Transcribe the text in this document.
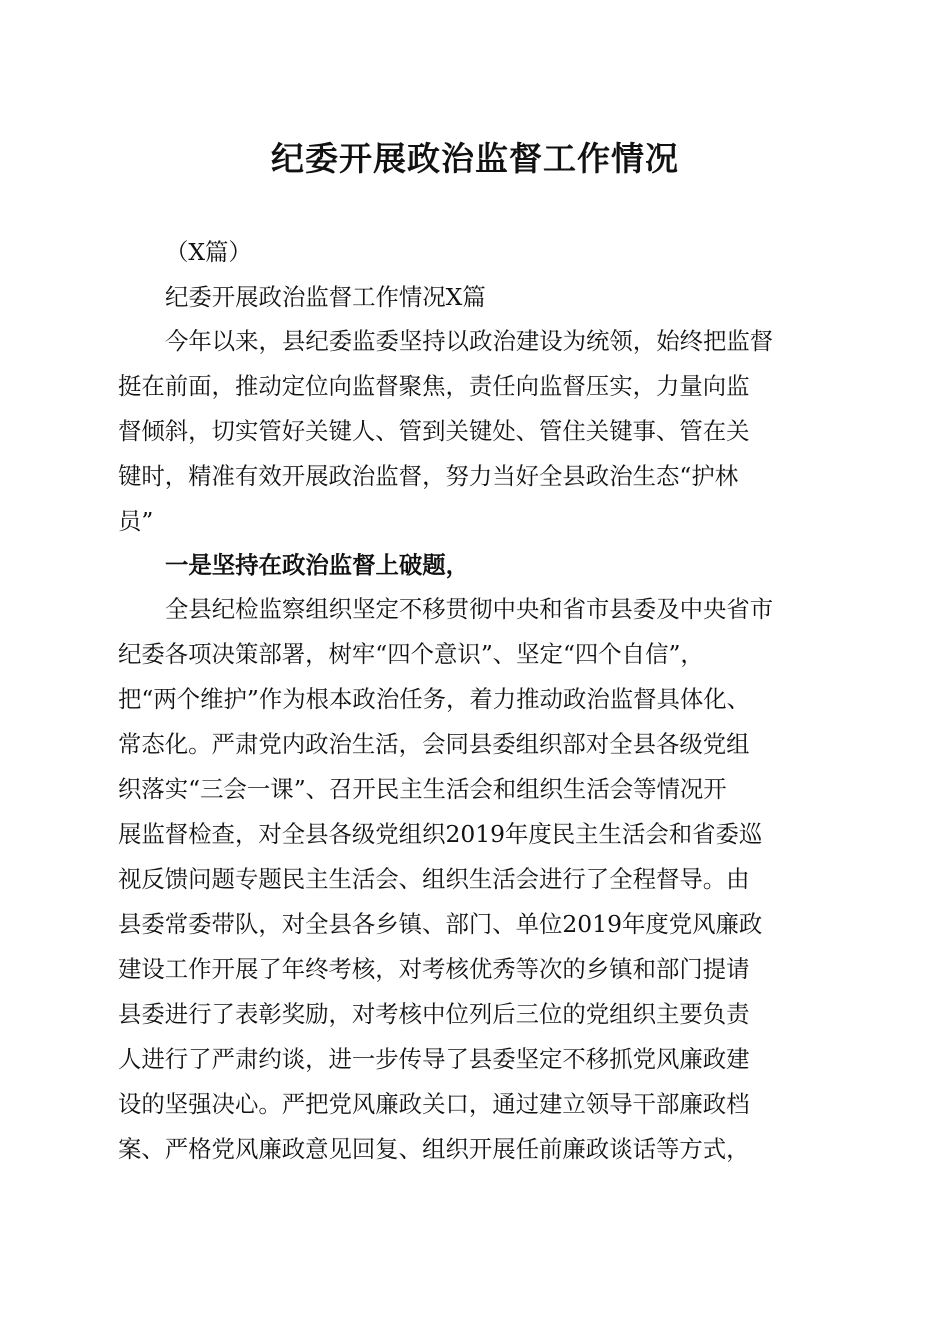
纪委开展政治监督工作情况

（X篇）

纪委开展政治监督工作情况X篇

今年以来，县纪委监委坚持以政治建设为统领，始终把监督

挺在前面，推动定位向监督聚焦，责任向监督压实，力量向监

督倾斜，切实管好关键人、管到关键处、管住关键事、管在关

键时，精准有效开展政治监督，努力当好全县政治生态“护林

员”

一是坚持在政治监督上破题，

全县纪检监察组织坚定不移贯彻中央和省市县委及中央省市

纪委各项决策部署，树牢“四个意识”、坚定“四个自信”，

把“两个维护”作为根本政治任务，着力推动政治监督具体化、

常态化。严肃党内政治生活，会同县委组织部对全县各级党组

织落实“三会一课”、召开民主生活会和组织生活会等情况开

展监督检查，对全县各级党组织2019年度民主生活会和省委巡

视反馈问题专题民主生活会、组织生活会进行了全程督导。由

县委常委带队，对全县各乡镇、部门、单位2019年度党风廉政

建设工作开展了年终考核，对考核优秀等次的乡镇和部门提请

县委进行了表彰奖励，对考核中位列后三位的党组织主要负责

人进行了严肃约谈，进一步传导了县委坚定不移抓党风廉政建

设的坚强决心。严把党风廉政关口，通过建立领导干部廉政档

案、严格党风廉政意见回复、组织开展任前廉政谈话等方式，
